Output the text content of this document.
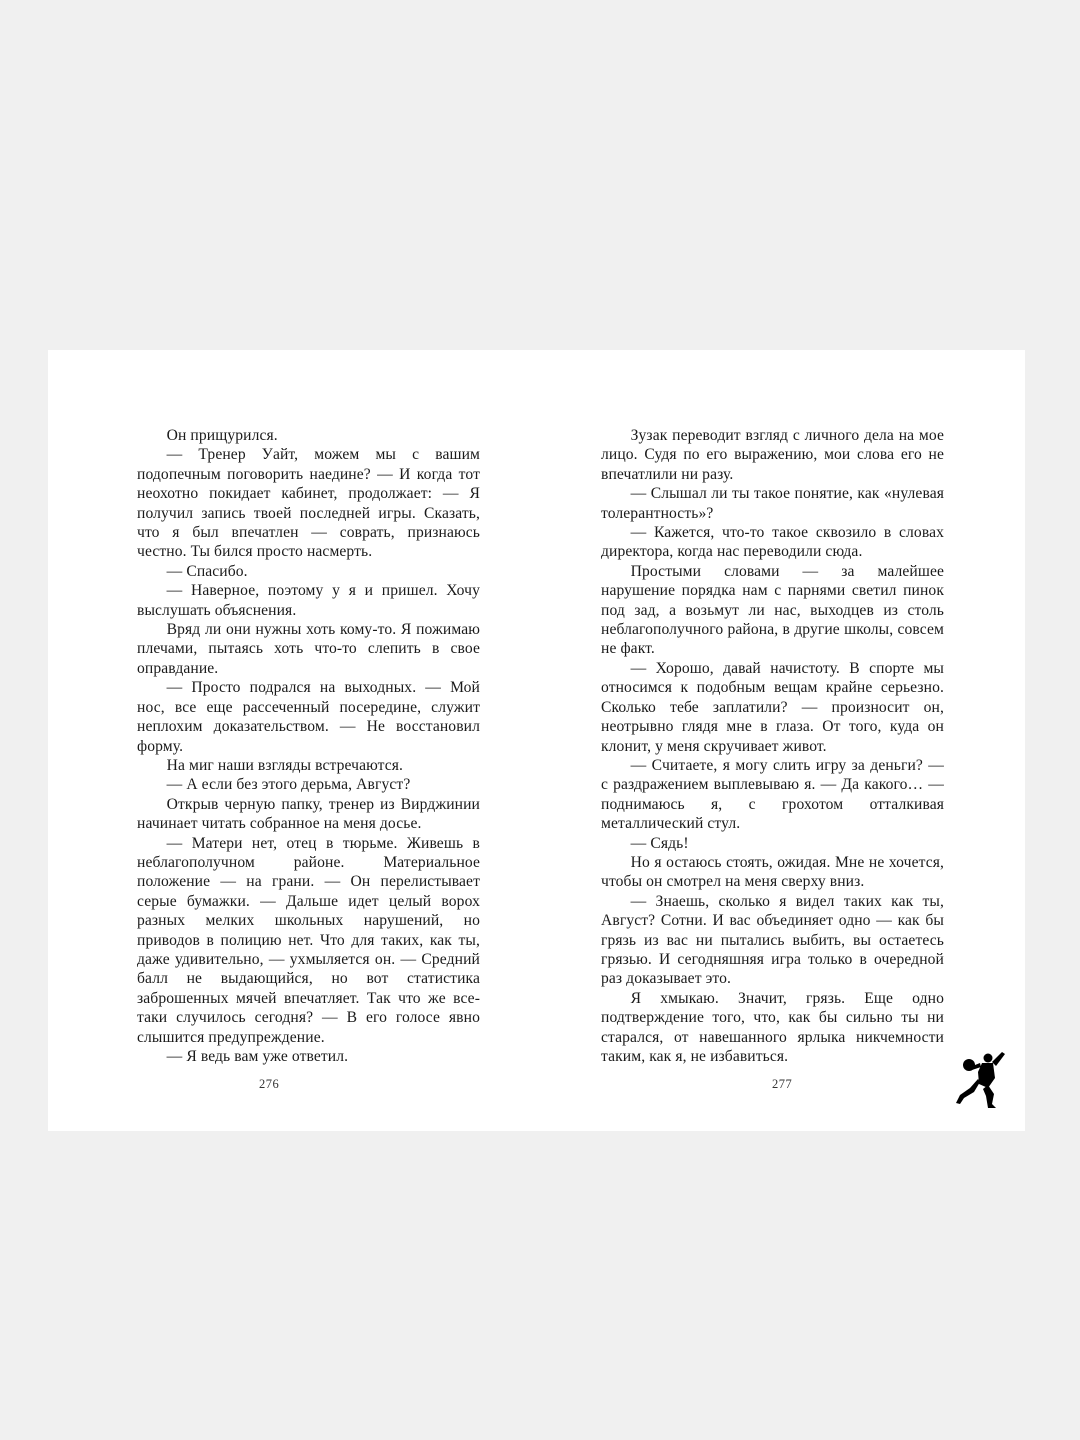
Он прищурился.

— Тренер Уайт, можем мы с вашим подопечным поговорить наедине? — И когда тот неохотно покидает кабинет, продолжает: — Я получил запись твоей последней игры. Сказать, что я был впечатлен — соврать, признаюсь честно. Ты бился просто насмерть.

— Спасибо.

— Наверное, поэтому у я и пришел. Хочу выслушать объяснения.

Вряд ли они нужны хоть кому-то. Я пожимаю плечами, пытаясь хоть что-то слепить в свое оправдание.

— Просто подрался на выходных. — Мой нос, все еще рассеченный посередине, служит неплохим доказательством. — Не восстановил форму.

На миг наши взгляды встречаются.

— А если без этого дерьма, Август?

Открыв черную папку, тренер из Вирджинии начинает читать собранное на меня досье.

— Матери нет, отец в тюрьме. Живешь в неблагополучном районе. Материальное положение — на грани. — Он перелистывает серые бумажки. — Дальше идет целый ворох разных мелких школьных нарушений, но приводов в полицию нет. Что для таких, как ты, даже удивительно, — ухмыляется он. — Средний балл не выдающийся, но вот статистика заброшенных мячей впечатляет. Так что же все-таки случилось сегодня? — В его голосе явно слышится предупреждение.

— Я ведь вам уже ответил.

Зузак переводит взгляд с личного дела на мое лицо. Судя по его выражению, мои слова его не впечатлили ни разу.

— Слышал ли ты такое понятие, как «нулевая толерантность»?

— Кажется, что-то такое сквозило в словах директора, когда нас переводили сюда.

Простыми словами — за малейшее нарушение порядка нам с парнями светил пинок под зад, а возьмут ли нас, выходцев из столь неблагополучного района, в другие школы, совсем не факт.

— Хорошо, давай начистоту. В спорте мы относимся к подобным вещам крайне серьезно. Сколько тебе заплатили? — произносит он, неотрывно глядя мне в глаза. От того, куда он клонит, у меня скручивает живот.

— Считаете, я могу слить игру за деньги? — с раздражением выплевываю я. — Да какого… — поднимаюсь я, с грохотом отталкивая металлический стул.

— Сядь!

Но я остаюсь стоять, ожидая. Мне не хочется, чтобы он смотрел на меня сверху вниз.

— Знаешь, сколько я видел таких как ты, Август? Сотни. И вас объединяет одно — как бы грязь из вас ни пытались выбить, вы остаетесь грязью. И сегодняшняя игра только в очередной раз доказывает это.

Я хмыкаю. Значит, грязь. Еще одно подтверждение того, что, как бы сильно ты ни старался, от навешанного ярлыка никчемности таким, как я, не избавиться.

276	277
